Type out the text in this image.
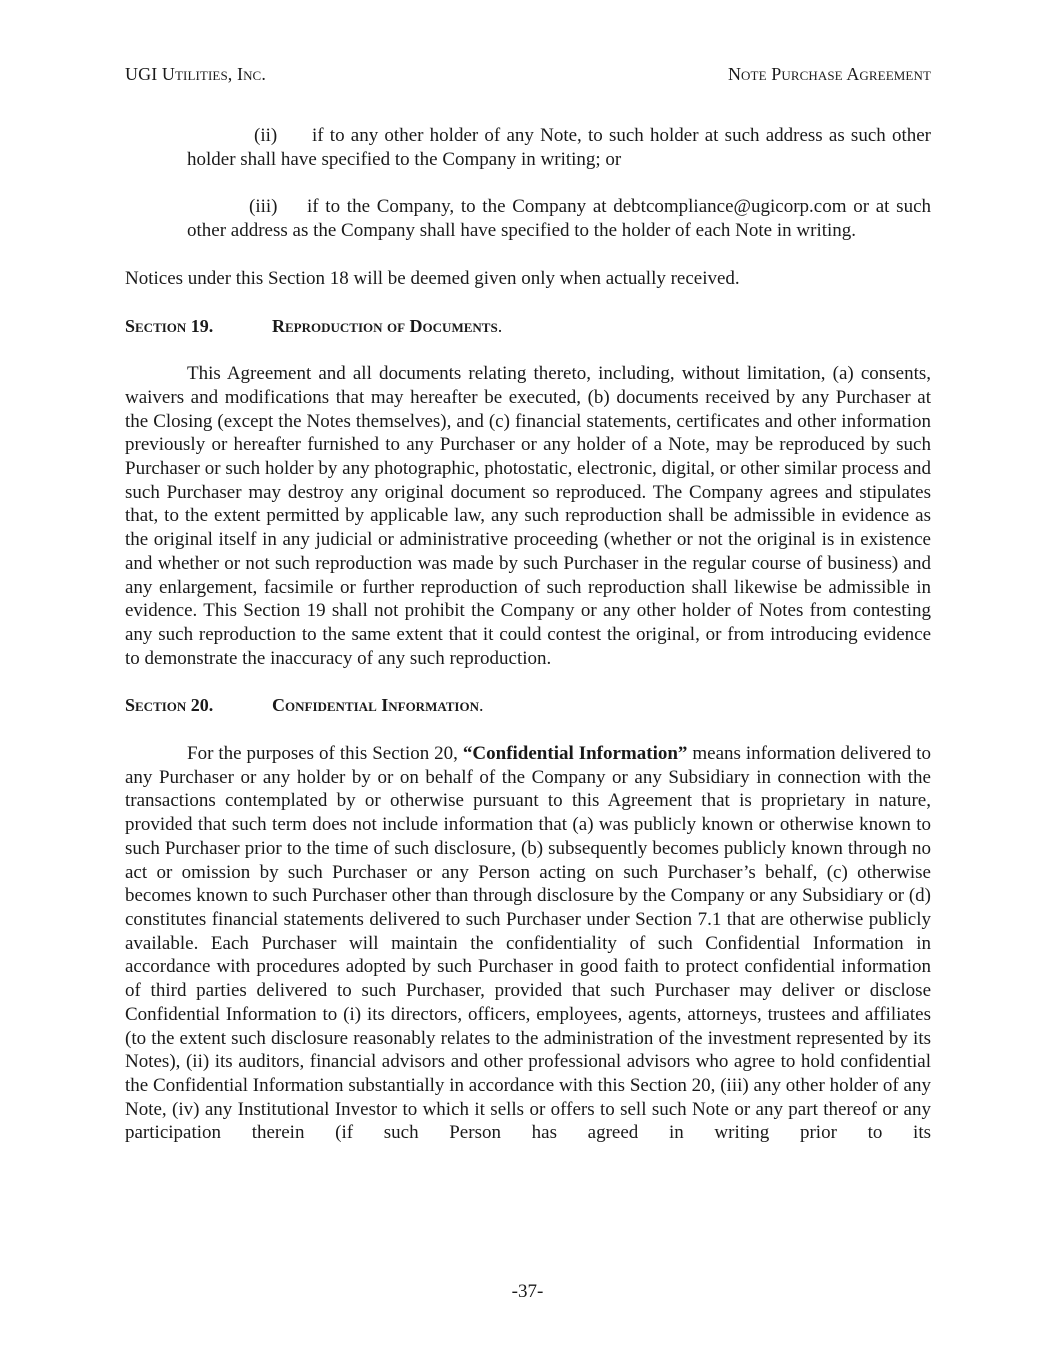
UGI Utilities, Inc.	Note Purchase Agreement

(ii) if to any other holder of any Note, to such holder at such address as such other holder shall have specified to the Company in writing; or

(iii) if to the Company, to the Company at debtcompliance@ugicorp.com or at such other address as the Company shall have specified to the holder of each Note in writing.

Notices under this Section 18 will be deemed given only when actually received.

Section 19.	Reproduction of Documents.

This Agreement and all documents relating thereto, including, without limitation, (a) consents, waivers and modifications that may hereafter be executed, (b) documents received by any Purchaser at the Closing (except the Notes themselves), and (c) financial statements, certificates and other information previously or hereafter furnished to any Purchaser or any holder of a Note, may be reproduced by such Purchaser or such holder by any photographic, photostatic, electronic, digital, or other similar process and such Purchaser may destroy any original document so reproduced. The Company agrees and stipulates that, to the extent permitted by applicable law, any such reproduction shall be admissible in evidence as the original itself in any judicial or administrative proceeding (whether or not the original is in existence and whether or not such reproduction was made by such Purchaser in the regular course of business) and any enlargement, facsimile or further reproduction of such reproduction shall likewise be admissible in evidence. This Section 19 shall not prohibit the Company or any other holder of Notes from contesting any such reproduction to the same extent that it could contest the original, or from introducing evidence to demonstrate the inaccuracy of any such reproduction.

Section 20.	Confidential Information.

For the purposes of this Section 20, “Confidential Information” means information delivered to any Purchaser or any holder by or on behalf of the Company or any Subsidiary in connection with the transactions contemplated by or otherwise pursuant to this Agreement that is proprietary in nature, provided that such term does not include information that (a) was publicly known or otherwise known to such Purchaser prior to the time of such disclosure, (b) subsequently becomes publicly known through no act or omission by such Purchaser or any Person acting on such Purchaser’s behalf, (c) otherwise becomes known to such Purchaser other than through disclosure by the Company or any Subsidiary or (d) constitutes financial statements delivered to such Purchaser under Section 7.1 that are otherwise publicly available. Each Purchaser will maintain the confidentiality of such Confidential Information in accordance with procedures adopted by such Purchaser in good faith to protect confidential information of third parties delivered to such Purchaser, provided that such Purchaser may deliver or disclose Confidential Information to (i) its directors, officers, employees, agents, attorneys, trustees and affiliates (to the extent such disclosure reasonably relates to the administration of the investment represented by its Notes), (ii) its auditors, financial advisors and other professional advisors who agree to hold confidential the Confidential Information substantially in accordance with this Section 20, (iii) any other holder of any Note, (iv) any Institutional Investor to which it sells or offers to sell such Note or any part thereof or any participation therein (if such Person has agreed in writing prior to its

-37-
